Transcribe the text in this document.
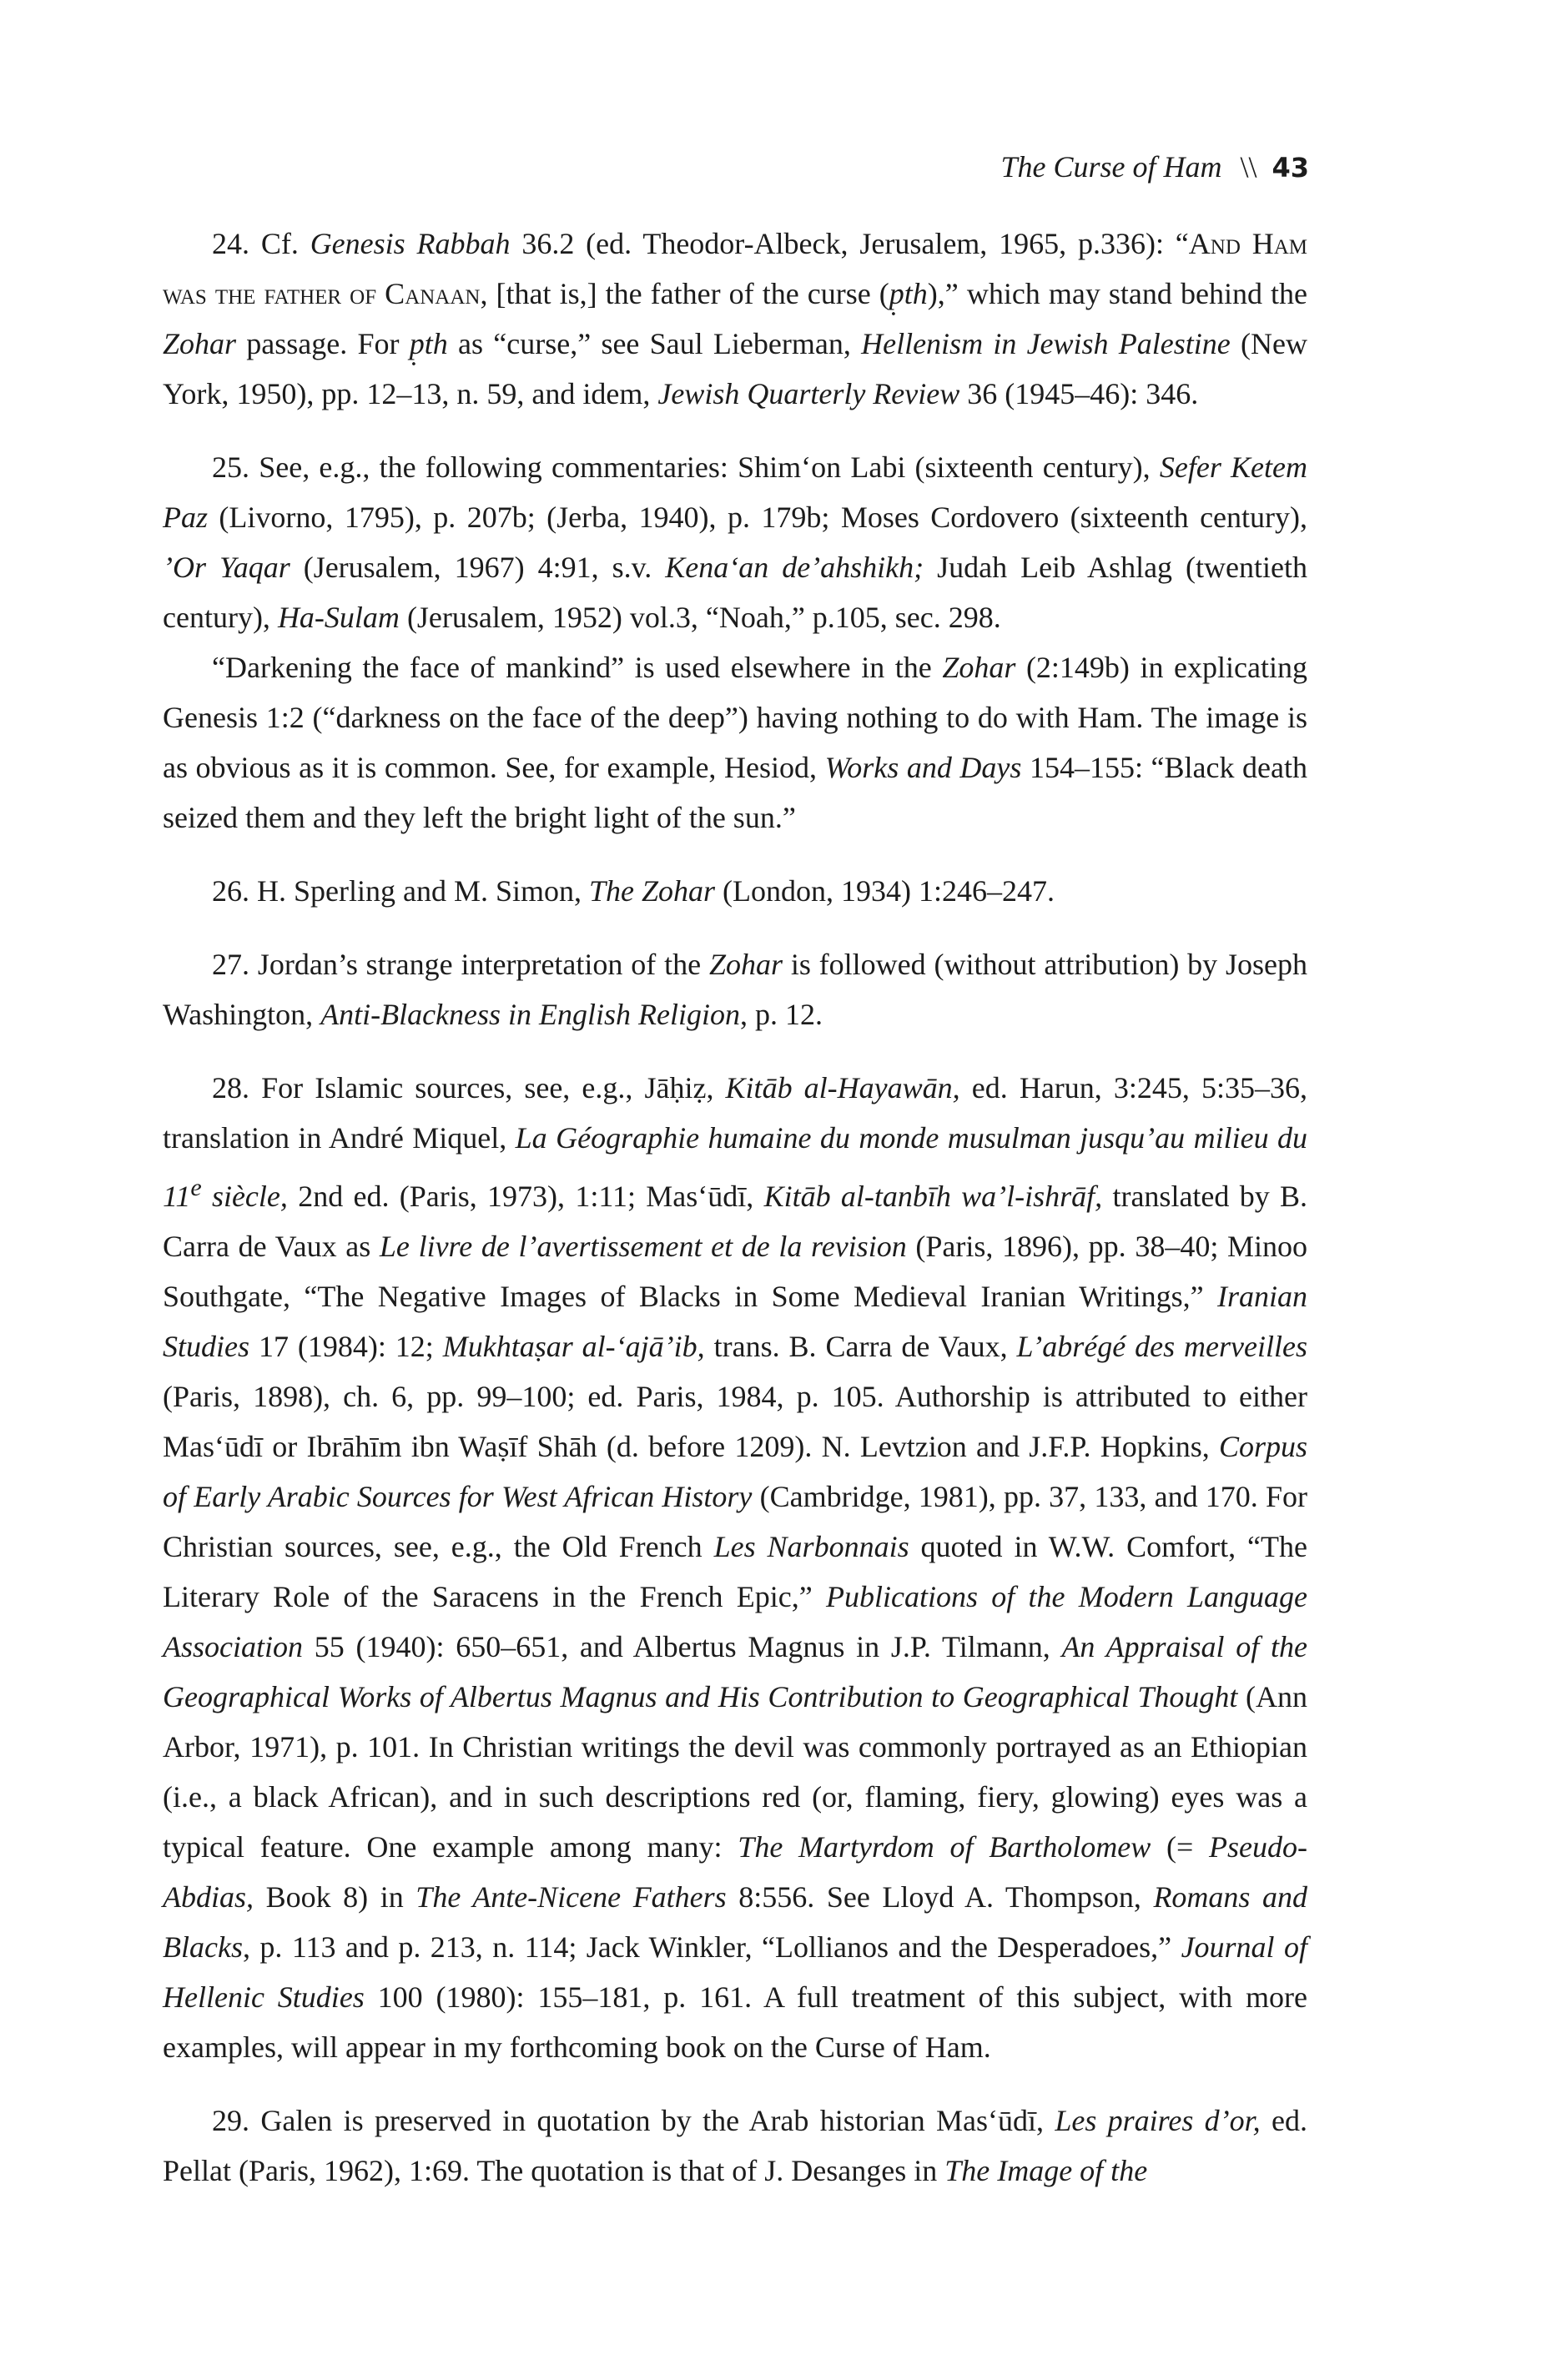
The Curse of Ham \\ 43

24. Cf. Genesis Rabbah 36.2 (ed. Theodor-Albeck, Jerusalem, 1965, p.336): “And Ham was the father of Canaan, [that is,] the father of the curse (p̣th),” which may stand behind the Zohar passage. For p̣th as “curse,” see Saul Lieberman, Hellenism in Jewish Palestine (New York, 1950), pp. 12–13, n. 59, and idem, Jewish Quarterly Review 36 (1945–46): 346.

25. See, e.g., the following commentaries: Shim‘on Labi (sixteenth century), Sefer Ketem Paz (Livorno, 1795), p. 207b; (Jerba, 1940), p. 179b; Moses Cordovero (sixteenth century), ’Or Yaqar (Jerusalem, 1967) 4:91, s.v. Kena‘an de’ahshikh; Judah Leib Ashlag (twentieth century), Ha-Sulam (Jerusalem, 1952) vol.3, “Noah,” p.105, sec. 298.

“Darkening the face of mankind” is used elsewhere in the Zohar (2:149b) in explicating Genesis 1:2 (“darkness on the face of the deep”) having nothing to do with Ham. The image is as obvious as it is common. See, for example, Hesiod, Works and Days 154–155: “Black death seized them and they left the bright light of the sun.”

26. H. Sperling and M. Simon, The Zohar (London, 1934) 1:246–247.

27. Jordan’s strange interpretation of the Zohar is followed (without attribution) by Joseph Washington, Anti-Blackness in English Religion, p. 12.

28. For Islamic sources, see, e.g., Jāḥiẓ, Kitāb al-Hayawān, ed. Harun, 3:245, 5:35–36, translation in André Miquel, La Géographie humaine du monde musulman jusqu’au milieu du 11e siècle, 2nd ed. (Paris, 1973), 1:11; Mas‘ūdī, Kitāb al-tanbīh wa’l-ishrāf, translated by B. Carra de Vaux as Le livre de l’avertissement et de la revision (Paris, 1896), pp. 38–40; Minoo Southgate, “The Negative Images of Blacks in Some Medieval Iranian Writings,” Iranian Studies 17 (1984): 12; Mukhtaṣar al-‘ajā’ib, trans. B. Carra de Vaux, L’abrégé des merveilles (Paris, 1898), ch. 6, pp. 99–100; ed. Paris, 1984, p. 105. Authorship is attributed to either Mas‘ūdī or Ibrāhīm ibn Waṣīf Shāh (d. before 1209). N. Levtzion and J.F.P. Hopkins, Corpus of Early Arabic Sources for West African History (Cambridge, 1981), pp. 37, 133, and 170. For Christian sources, see, e.g., the Old French Les Narbonnais quoted in W.W. Comfort, “The Literary Role of the Saracens in the French Epic,” Publications of the Modern Language Association 55 (1940): 650–651, and Albertus Magnus in J.P. Tilmann, An Appraisal of the Geographical Works of Albertus Magnus and His Contribution to Geographical Thought (Ann Arbor, 1971), p. 101. In Christian writings the devil was commonly portrayed as an Ethiopian (i.e., a black African), and in such descriptions red (or, flaming, fiery, glowing) eyes was a typical feature. One example among many: The Martyrdom of Bartholomew (= Pseudo-Abdias, Book 8) in The Ante-Nicene Fathers 8:556. See Lloyd A. Thompson, Romans and Blacks, p. 113 and p. 213, n. 114; Jack Winkler, “Lollianos and the Desperadoes,” Journal of Hellenic Studies 100 (1980): 155–181, p. 161. A full treatment of this subject, with more examples, will appear in my forthcoming book on the Curse of Ham.

29. Galen is preserved in quotation by the Arab historian Mas‘ūdī, Les praires d’or, ed. Pellat (Paris, 1962), 1:69. The quotation is that of J. Desanges in The Image of the
